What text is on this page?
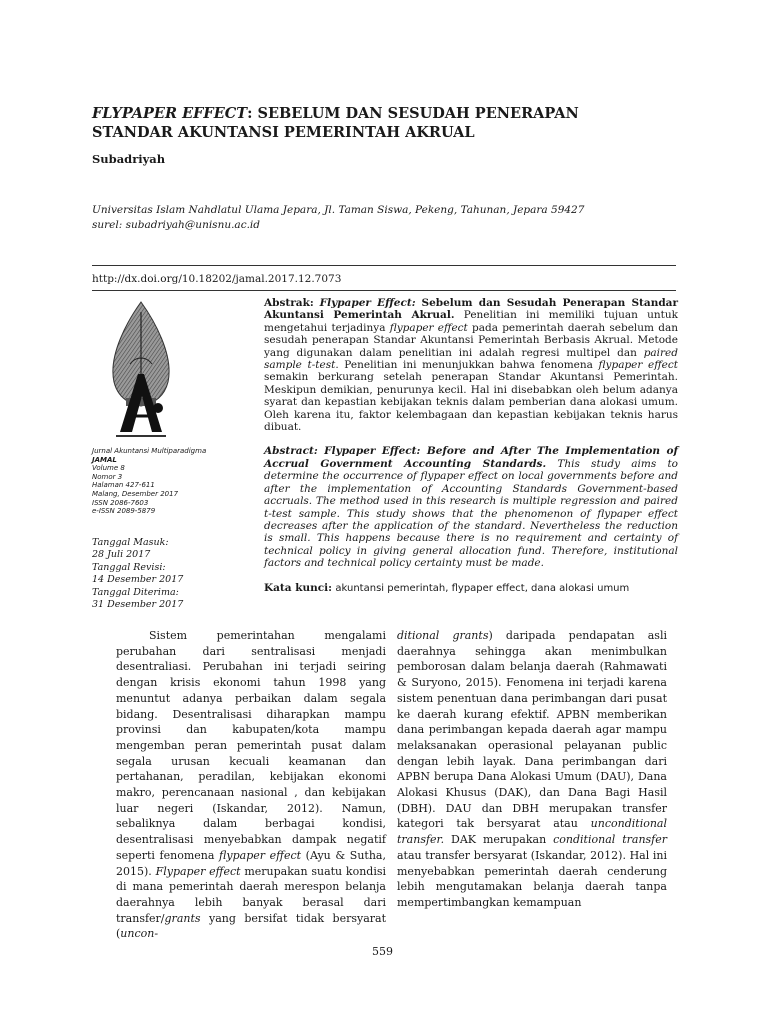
FLYPAPER EFFECT: SEBELUM DAN SESUDAH PENERAPAN STANDAR AKUNTANSI PEMERINTAH AKRUAL
Subadriyah
Universitas Islam Nahdlatul Ulama Jepara, Jl. Taman Siswa, Pekeng, Tahunan, Jepara 59427
surel: subadriyah@unisnu.ac.id
http://dx.doi.org/10.18202/jamal.2017.12.7073
Jurnal Akuntansi Multiparadigma
JAMAL
Volume 8
Nomor 3
Halaman 427-611
Malang, Desember 2017
ISSN 2086-7603
e-ISSN 2089-5879
Tanggal Masuk:
28 Juli 2017
Tanggal Revisi:
14 Desember 2017
Tanggal Diterima:
31 Desember 2017

Abstrak: Flypaper Effect: Sebelum dan Sesudah Penerapan Standar Akuntansi Pemerintah Akrual. Penelitian ini memiliki tujuan untuk mengetahui terjadinya flypaper effect pada pemerintah daerah sebelum dan sesudah penerapan Standar Akuntansi Pemerintah Berbasis Akrual. Metode yang digunakan dalam penelitian ini adalah regresi multipel dan paired sample t-test. Penelitian ini menunjukkan bahwa fenomena flypaper effect semakin berkurang setelah penerapan Standar Akuntansi Pemerintah. Meskipun demikian, penurunya kecil. Hal ini disebabkan oleh belum adanya syarat dan kepastian kebijakan teknis dalam pemberian dana alokasi umum. Oleh karena itu, faktor kelembagaan dan kepastian kebijakan teknis harus dibuat.

Abstract: Flypaper Effect: Before and After The Implementation of Accrual Government Accounting Standards. This study aims to determine the occurrence of flypaper effect on local governments before and after the implementation of Accounting Standards Government-based accruals. The method used in this research is multiple regression and paired t-test sample. This study shows that the phenomenon of flypaper effect decreases after the application of the standard. Nevertheless the reduction is small. This happens because there is no requirement and certainty of technical policy in giving general allocation fund. Therefore, institutional factors and technical policy certainty must be made.

Kata kunci: akuntansi pemerintah, flypaper effect, dana alokasi umum

Sistem pemerintahan mengalami perubahan dari sentralisasi menjadi desentraliasi. Perubahan ini terjadi seiring dengan krisis ekonomi tahun 1998 yang menuntut adanya perbaikan dalam segala bidang. Desentralisasi diharapkan mampu provinsi dan kabupaten/kota mampu mengemban peran pemerintah pusat dalam segala urusan kecuali keamanan dan pertahanan, peradilan, kebijakan ekonomi makro, perencanaan nasional , dan kebijakan luar negeri (Iskandar, 2012). Namun, sebaliknya dalam berbagai kondisi, desentralisasi menyebabkan dampak negatif seperti fenomena flypaper effect (Ayu & Sutha, 2015). Flypaper effect merupakan suatu kondisi di mana pemerintah daerah merespon belanja daerahnya lebih banyak berasal dari transfer/grants yang bersifat tidak bersyarat (uncon-

ditional grants) daripada pendapatan asli daerahnya sehingga akan menimbulkan pemborosan dalam belanja daerah (Rahmawati & Suryono, 2015). Fenomena ini terjadi karena sistem penentuan dana perimbangan dari pusat ke daerah kurang efektif. APBN memberikan dana perimbangan kepada daerah agar mampu melaksanakan operasional pelayanan public dengan lebih layak. Dana perimbangan dari APBN berupa Dana Alokasi Umum (DAU), Dana Alokasi Khusus (DAK), dan Dana Bagi Hasil (DBH). DAU dan DBH merupakan transfer kategori tak bersyarat atau unconditional transfer. DAK merupakan conditional transfer atau transfer bersyarat (Iskandar, 2012). Hal ini menyebabkan pemerintah daerah cenderung lebih mengutamakan belanja daerah tanpa mempertimbangkan kemampuan

559
